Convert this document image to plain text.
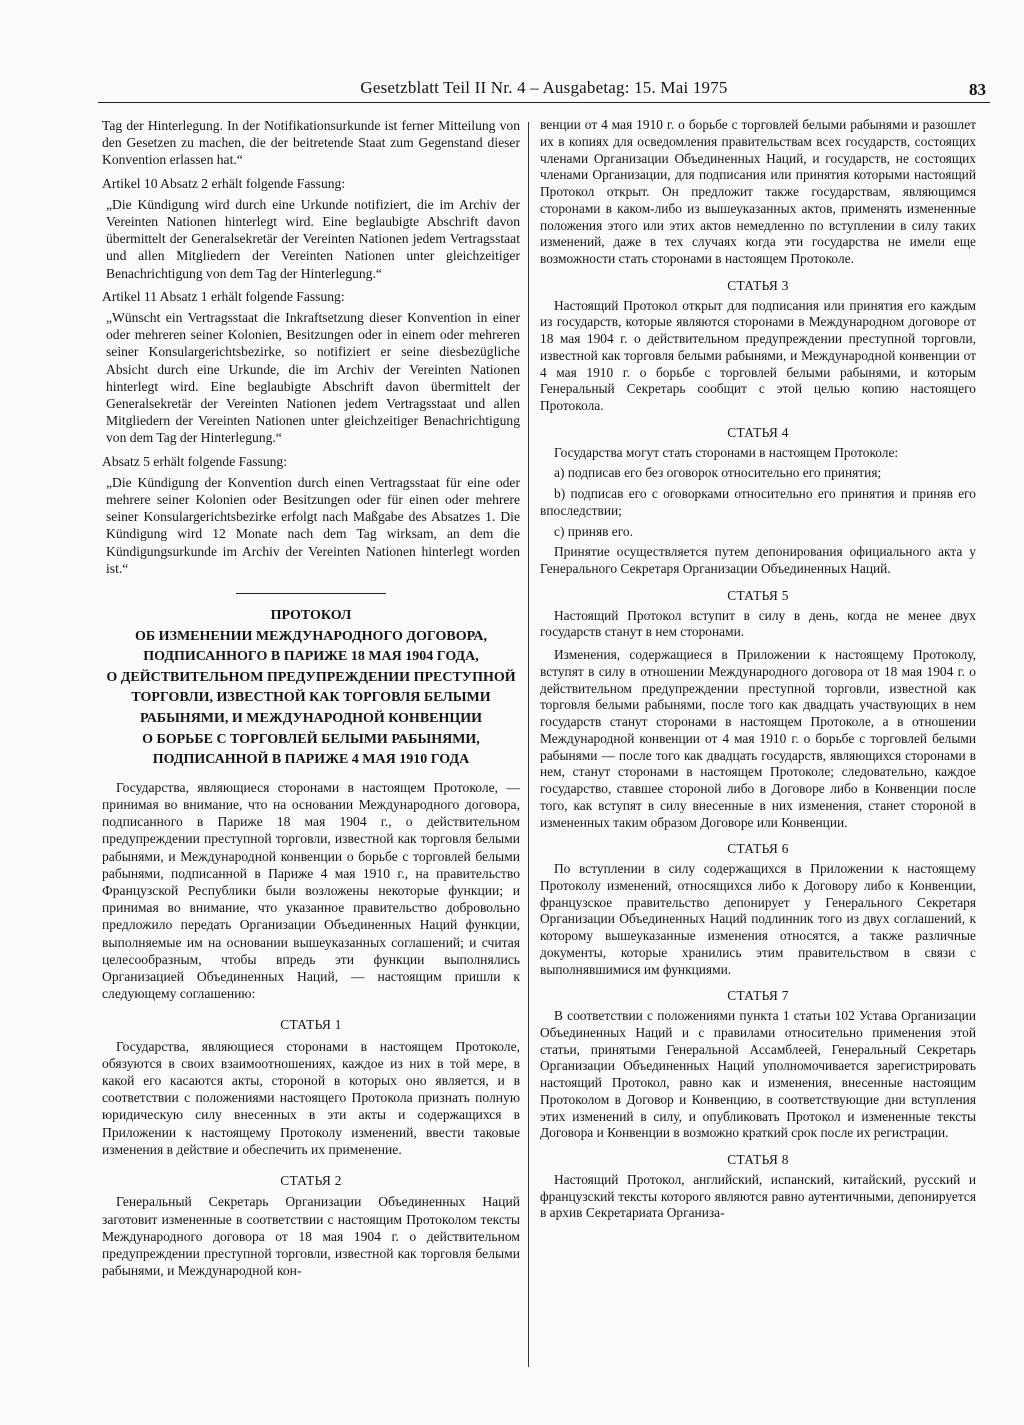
Gesetzblatt Teil II Nr. 4 – Ausgabetag: 15. Mai 1975	83

Tag der Hinterlegung. In der Notifikationsurkunde ist ferner Mitteilung von den Gesetzen zu machen, die der beitretende Staat zum Gegenstand dieser Konvention erlassen hat.“

Artikel 10 Absatz 2 erhält folgende Fassung:

„Die Kündigung wird durch eine Urkunde notifiziert, die im Archiv der Vereinten Nationen hinterlegt wird. Eine beglaubigte Abschrift davon übermittelt der Generalsekretär der Vereinten Nationen jedem Vertragsstaat und allen Mitgliedern der Vereinten Nationen unter gleichzeitiger Benachrichtigung von dem Tag der Hinterlegung.“

Artikel 11 Absatz 1 erhält folgende Fassung:

„Wünscht ein Vertragsstaat die Inkraftsetzung dieser Konvention in einer oder mehreren seiner Kolonien, Besitzungen oder in einem oder mehreren seiner Konsulargerichtsbezirke, so notifiziert er seine diesbezügliche Absicht durch eine Urkunde, die im Archiv der Vereinten Nationen hinterlegt wird. Eine beglaubigte Abschrift davon übermittelt der Generalsekretär der Vereinten Nationen jedem Vertragsstaat und allen Mitgliedern der Vereinten Nationen unter gleichzeitiger Benachrichtigung von dem Tag der Hinterlegung.“

Absatz 5 erhält folgende Fassung:

„Die Kündigung der Konvention durch einen Vertragsstaat für eine oder mehrere seiner Kolonien oder Besitzungen oder für einen oder mehrere seiner Konsulargerichtsbezirke erfolgt nach Maßgabe des Absatzes 1. Die Kündigung wird 12 Monate nach dem Tag wirksam, an dem die Kündigungsurkunde im Archiv der Vereinten Nationen hinterlegt worden ist.“

ПРОТОКОЛ
ОБ ИЗМЕНЕНИИ МЕЖДУНАРОДНОГО ДОГОВОРА,
ПОДПИСАННОГО В ПАРИЖЕ 18 МАЯ 1904 ГОДА,
О ДЕЙСТВИТЕЛЬНОМ ПРЕДУПРЕЖДЕНИИ ПРЕСТУПНОЙ
ТОРГОВЛИ, ИЗВЕСТНОЙ КАК ТОРГОВЛЯ БЕЛЫМИ
РАБЫНЯМИ, И МЕЖДУНАРОДНОЙ КОНВЕНЦИИ
О БОРЬБЕ С ТОРГОВЛЕЙ БЕЛЫМИ РАБЫНЯМИ,
ПОДПИСАННОЙ В ПАРИЖЕ 4 МАЯ 1910 ГОДА

Государства, являющиеся сторонами в настоящем Протоколе, — принимая во внимание, что на основании Международного договора, подписанного в Париже 18 мая 1904 г., о действительном предупреждении преступной торговли, известной как торговля белыми рабынями, и Международной конвенции о борьбе с торговлей белыми рабынями, подписанной в Париже 4 мая 1910 г., на правительство Французской Республики были возложены некоторые функции; и принимая во внимание, что указанное правительство добровольно предложило передать Организации Объединенных Наций функции, выполняемые им на основании вышеуказанных соглашений; и считая целесообразным, чтобы впредь эти функции выполнялись Организацией Объединенных Наций, — настоящим пришли к следующему соглашению:

СТАТЬЯ 1

Государства, являющиеся сторонами в настоящем Протоколе, обязуются в своих взаимоотношениях, каждое из них в той мере, в какой его касаются акты, стороной в которых оно является, и в соответствии с положениями настоящего Протокола признать полную юридическую силу внесенных в эти акты и содержащихся в Приложении к настоящему Протоколу изменений, ввести таковые изменения в действие и обеспечить их применение.

СТАТЬЯ 2

Генеральный Секретарь Организации Объединенных Наций заготовит измененные в соответствии с настоящим Протоколом тексты Международного договора от 18 мая 1904 г. о действительном предупреждении преступной торговли, известной как торговля белыми рабынями, и Международной кон-

венции от 4 мая 1910 г. о борьбе с торговлей белыми рабынями и разошлет их в копиях для осведомления правительствам всех государств, состоящих членами Организации Объединенных Наций, и государств, не состоящих членами Организации, для подписания или принятия которыми настоящий Протокол открыт. Он предложит также государствам, являющимся сторонами в каком-либо из вышеуказанных актов, применять измененные положения этого или этих актов немедленно по вступлении в силу таких изменений, даже в тех случаях когда эти государства не имели еще возможности стать сторонами в настоящем Протоколе.

СТАТЬЯ 3

Настоящий Протокол открыт для подписания или принятия его каждым из государств, которые являются сторонами в Международном договоре от 18 мая 1904 г. о действительном предупреждении преступной торговли, известной как торговля белыми рабынями, и Международной конвенции от 4 мая 1910 г. о борьбе с торговлей белыми рабынями, и которым Генеральный Секретарь сообщит с этой целью копию настоящего Протокола.

СТАТЬЯ 4

Государства могут стать сторонами в настоящем Протоколе:

а) подписав его без оговорок относительно его принятия;

b) подписав его с оговорками относительно его принятия и приняв его впоследствии;

с) приняв его.

Принятие осуществляется путем депонирования официального акта у Генерального Секретаря Организации Объединенных Наций.

СТАТЬЯ 5

Настоящий Протокол вступит в силу в день, когда не менее двух государств станут в нем сторонами.

Изменения, содержащиеся в Приложении к настоящему Протоколу, вступят в силу в отношении Международного договора от 18 мая 1904 г. о действительном предупреждении преступной торговли, известной как торговля белыми рабынями, после того как двадцать участвующих в нем государств станут сторонами в настоящем Протоколе, а в отношении Международной конвенции от 4 мая 1910 г. о борьбе с торговлей белыми рабынями — после того как двадцать государств, являющихся сторонами в нем, станут сторонами в настоящем Протоколе; следовательно, каждое государство, ставшее стороной либо в Договоре либо в Конвенции после того, как вступят в силу внесенные в них изменения, станет стороной в измененных таким образом Договоре или Конвенции.

СТАТЬЯ 6

По вступлении в силу содержащихся в Приложении к настоящему Протоколу изменений, относящихся либо к Договору либо к Конвенции, французское правительство депонирует у Генерального Секретаря Организации Объединенных Наций подлинник того из двух соглашений, к которому вышеуказанные изменения относятся, а также различные документы, которые хранились этим правительством в связи с выполнявшимися им функциями.

СТАТЬЯ 7

В соответствии с положениями пункта 1 статьи 102 Устава Организации Объединенных Наций и с правилами относительно применения этой статьи, принятыми Генеральной Ассамблеей, Генеральный Секретарь Организации Объединенных Наций уполномочивается зарегистрировать настоящий Протокол, равно как и изменения, внесенные настоящим Протоколом в Договор и Конвенцию, в соответствующие дни вступления этих изменений в силу, и опубликовать Протокол и измененные тексты Договора и Конвенции в возможно краткий срок после их регистрации.

СТАТЬЯ 8

Настоящий Протокол, английский, испанский, китайский, русский и французский тексты которого являются равно аутентичными, депонируется в архив Секретариата Организа-
